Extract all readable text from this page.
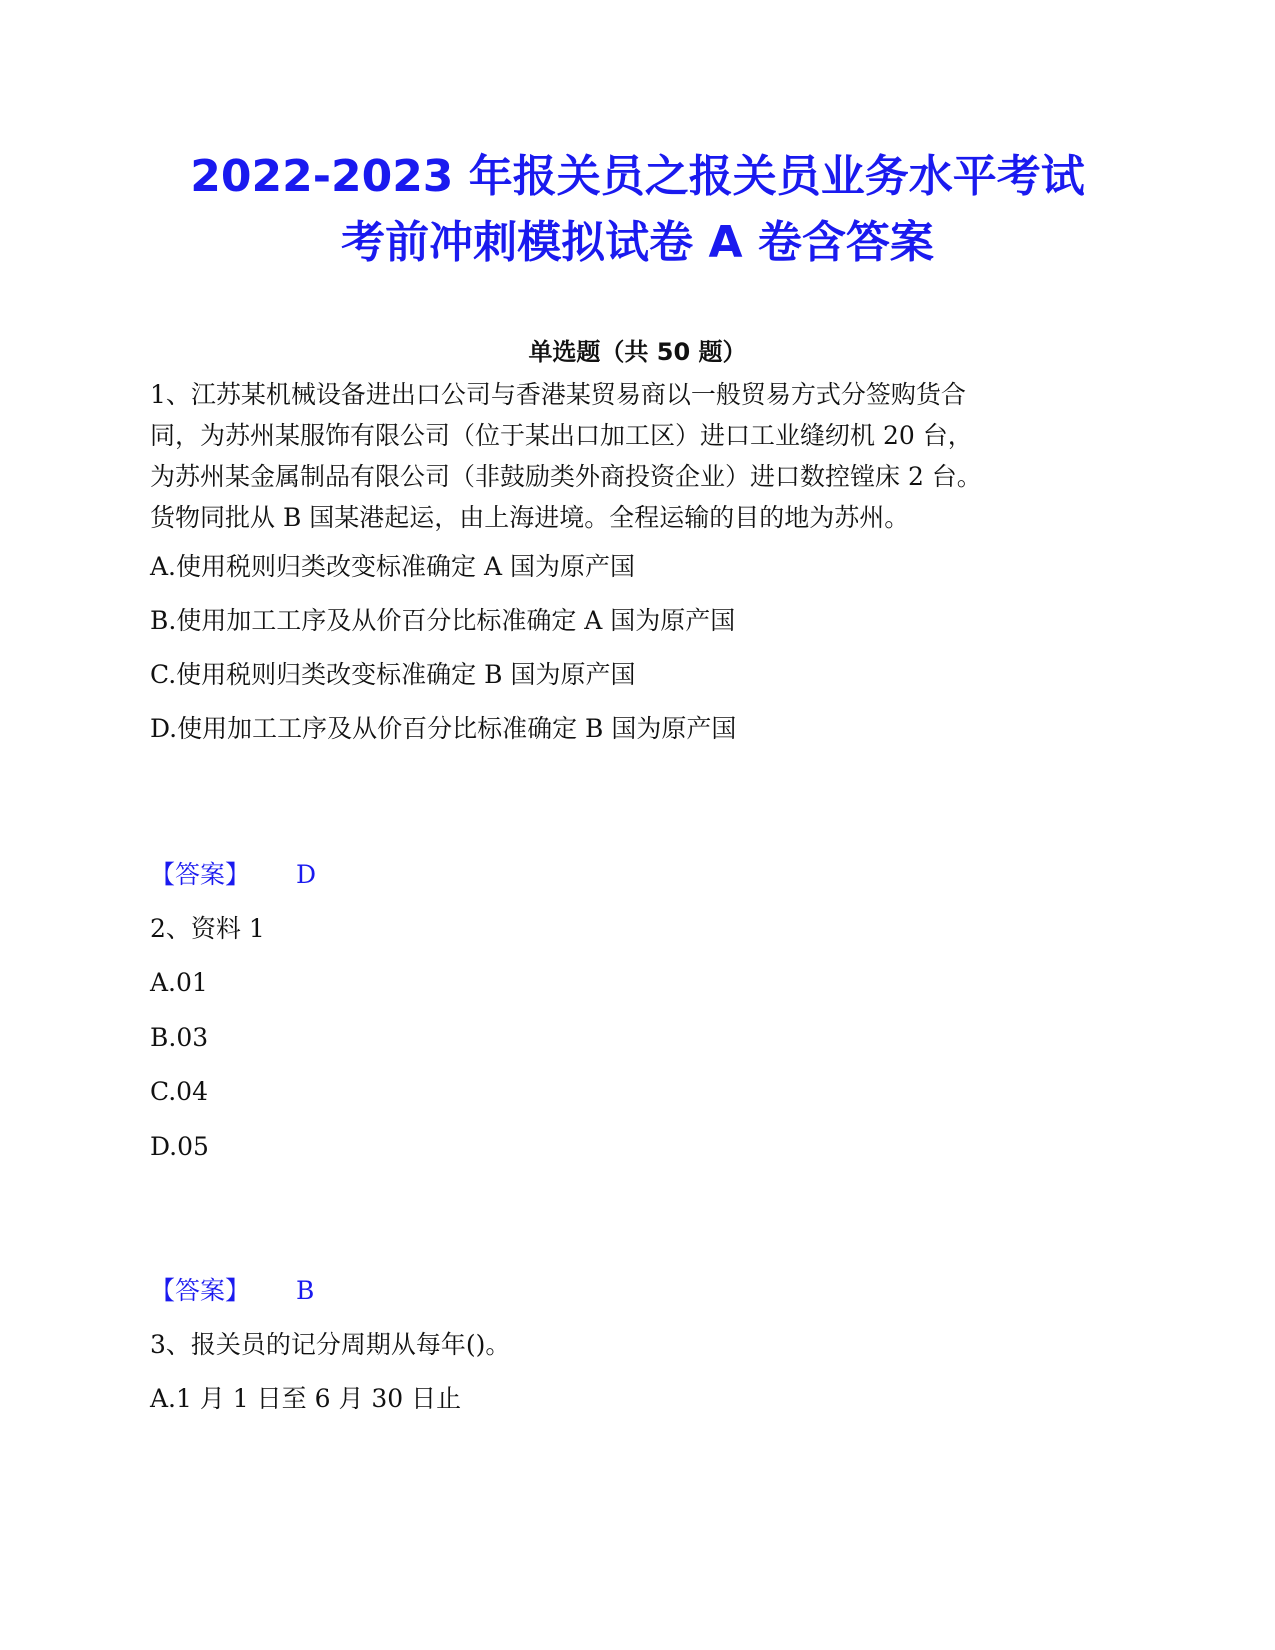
2022-2023 年报关员之报关员业务水平考试
考前冲刺模拟试卷 A 卷含答案
单选题（共 50 题）
1、江苏某机械设备进出口公司与香港某贸易商以一般贸易方式分签购货合
同，为苏州某服饰有限公司（位于某出口加工区）进口工业缝纫机 20 台，
为苏州某金属制品有限公司（非鼓励类外商投资企业）进口数控镗床 2 台。
货物同批从 B 国某港起运，由上海进境。全程运输的目的地为苏州。
A.使用税则归类改变标准确定 A 国为原产国
B.使用加工工序及从价百分比标准确定 A 国为原产国
C.使用税则归类改变标准确定 B 国为原产国
D.使用加工工序及从价百分比标准确定 B 国为原产国
【答案】 D
2、资料 1
A.01
B.03
C.04
D.05
【答案】 B
3、报关员的记分周期从每年()。
A.1 月 1 日至 6 月 30 日止
